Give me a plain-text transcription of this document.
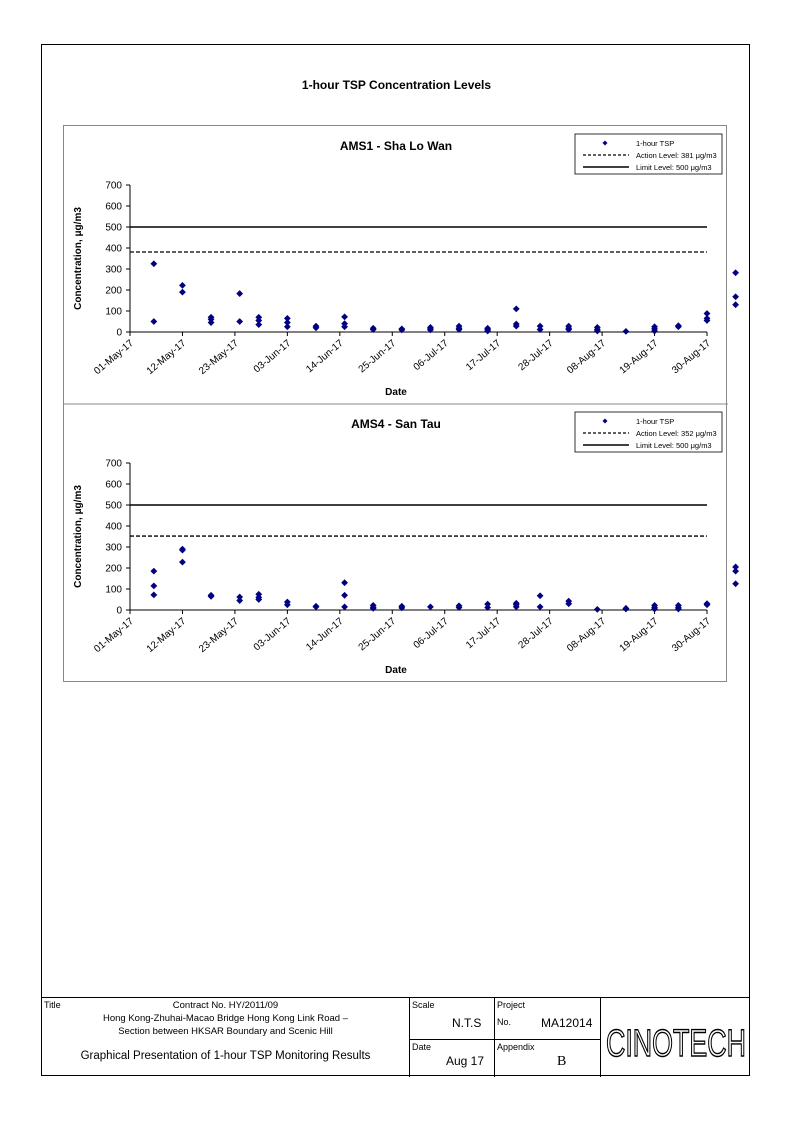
1-hour TSP Concentration Levels
AMS1 - Sha Lo Wan
0
100
200
300
400
500
600
700
01-May-17 12-May-17 23-May-17 03-Jun-17 14-Jun-17 25-Jun-17 06-Jul-17 17-Jul-17 28-Jul-17 08-Aug-17 19-Aug-17 30-Aug-17
Date
Concentration, μg/m3
1-hour TSP
Action Level: 381 μg/m3
Limit Level: 500 μg/m3
AMS4 - San Tau
0
100
200
300
400
500
600
700
01-May-17 12-May-17 23-May-17 03-Jun-17 14-Jun-17 25-Jun-17 06-Jul-17 17-Jul-17 28-Jul-17 08-Aug-17 19-Aug-17 30-Aug-17
Date
Concentration, μg/m3
1-hour TSP
Action Level: 352 μg/m3
Limit Level: 500 μg/m3
Title	Contract No. HY/2011/09
Hong Kong-Zhuhai-Macao Bridge Hong Kong Link Road –
Section between HKSAR Boundary and Scenic Hill
Graphical Presentation of 1-hour TSP Monitoring Results
Scale
N.T.S
Date
Aug 17
Project
No. MA12014
Appendix
B CINOTECH
